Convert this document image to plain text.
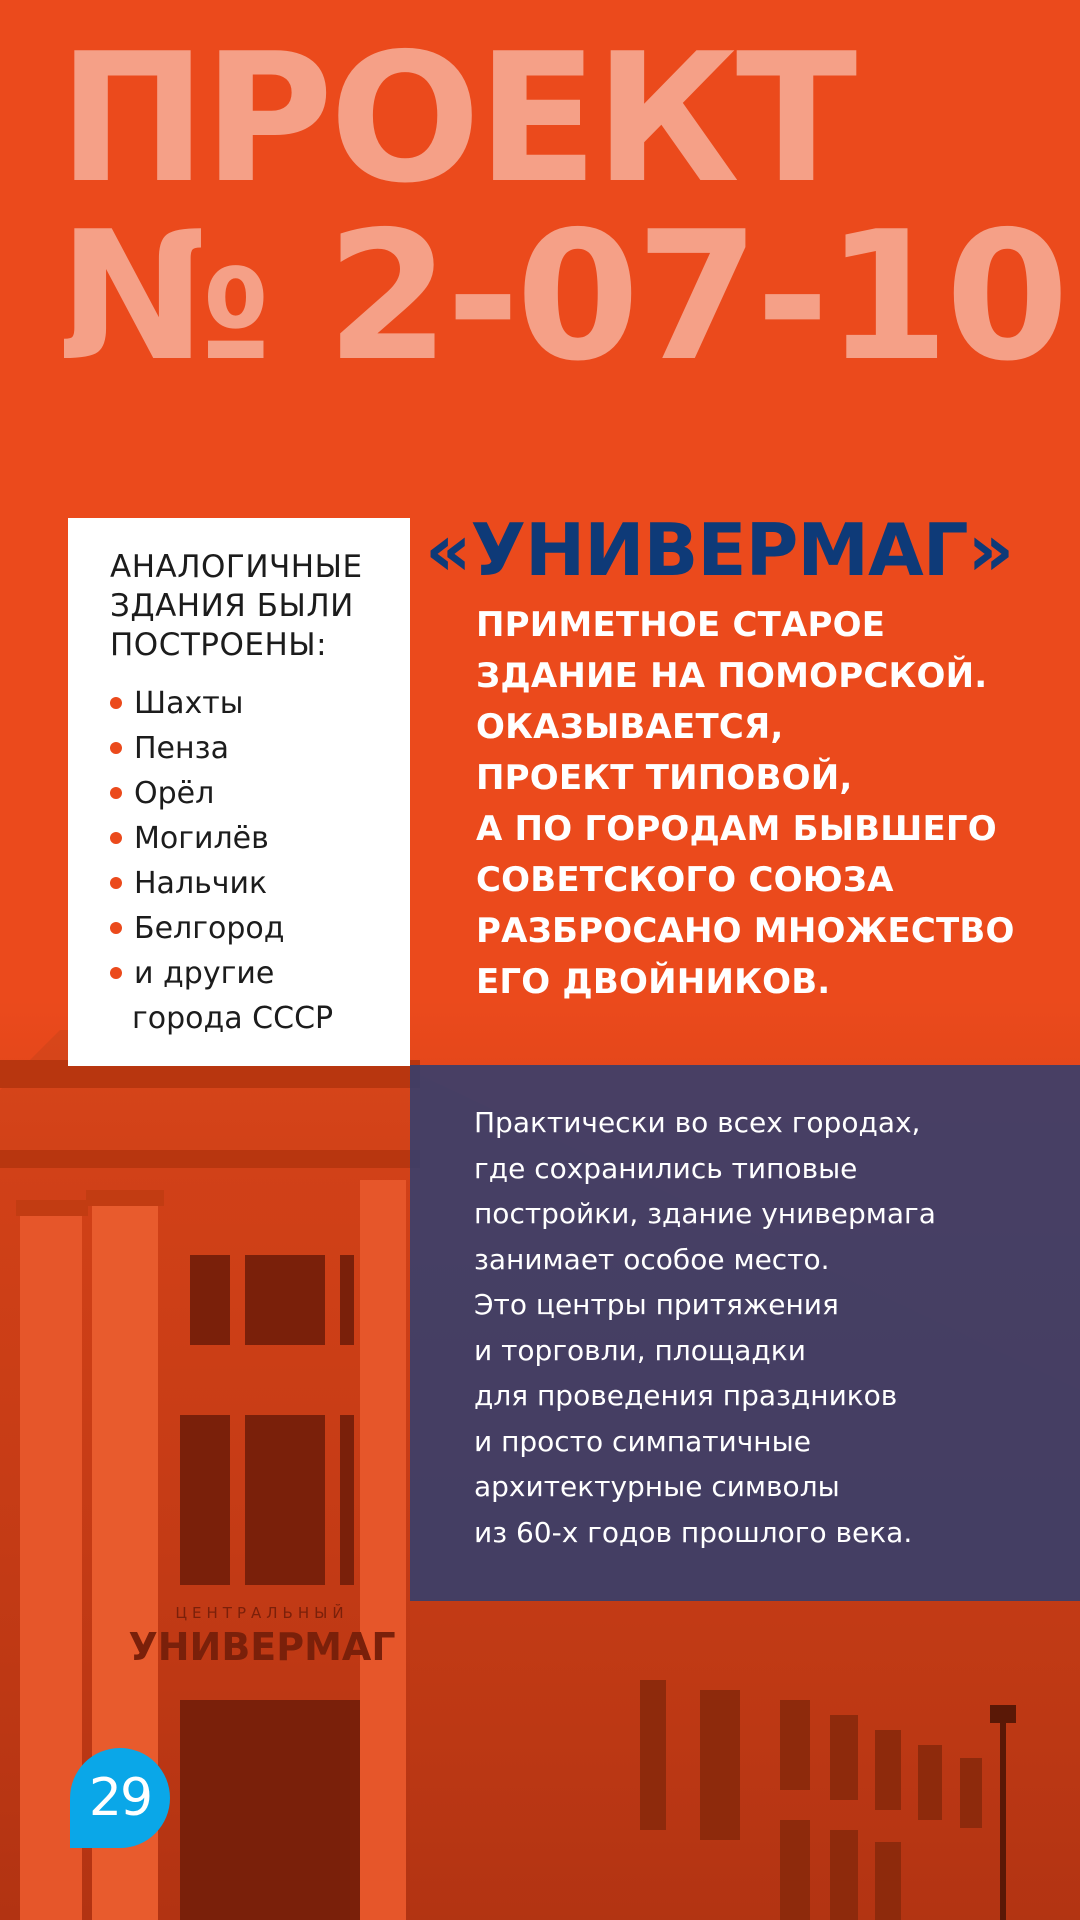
ПРОЕКТ
№ 2-07-10
ЦЕНТРАЛЬНЫЙ
УНИВЕРМАГ

АНАЛОГИЧНЫЕ
ЗДАНИЯ БЫЛИ
ПОСТРОЕНЫ:

Шахты
Пенза
Орёл
Могилёв
Нальчик
Белгород
и другие
города СССР
«УНИВЕРМАГ»

ПРИМЕТНОЕ СТАРОЕ
ЗДАНИЕ НА ПОМОРСКОЙ.
ОКАЗЫВАЕТСЯ,
ПРОЕКТ ТИПОВОЙ,
А ПО ГОРОДАМ БЫВШЕГО
СОВЕТСКОГО СОЮЗА
РАЗБРОСАНО МНОЖЕСТВО
ЕГО ДВОЙНИКОВ.

Практически во всех городах,
где сохранились типовые
постройки, здание универмага
занимает особое место.
Это центры притяжения
и торговли, площадки
для проведения праздников
и просто симпатичные
архитектурные символы
из 60-х годов прошлого века.

29
